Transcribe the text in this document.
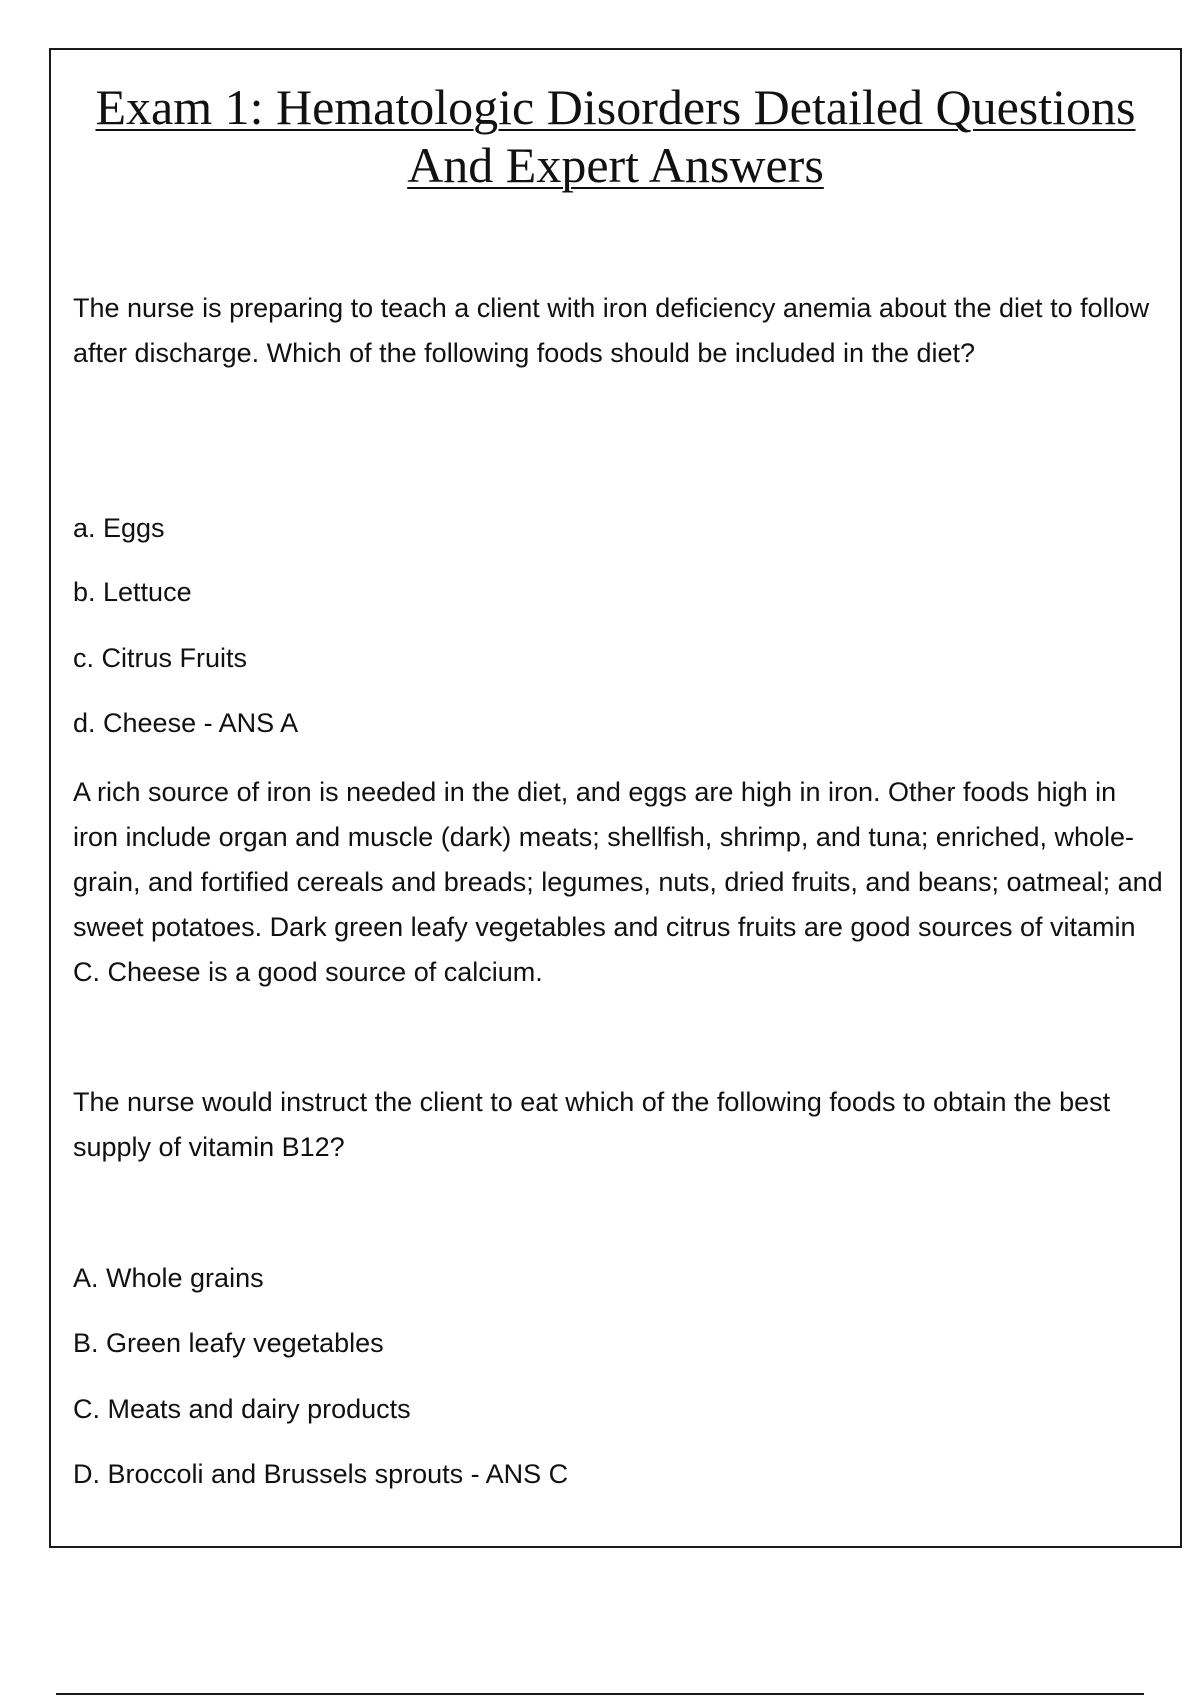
Exam 1: Hematologic Disorders Detailed Questions
And Expert Answers

The nurse is preparing to teach a client with iron deficiency anemia about the diet to follow after discharge. Which of the following foods should be included in the diet?

a. Eggs

b. Lettuce

c. Citrus Fruits

d. Cheese - ANS A

A rich source of iron is needed in the diet, and eggs are high in iron. Other foods high in iron include organ and muscle (dark) meats; shellfish, shrimp, and tuna; enriched, whole-grain, and fortified cereals and breads; legumes, nuts, dried fruits, and beans; oatmeal; and sweet potatoes. Dark green leafy vegetables and citrus fruits are good sources of vitamin C. Cheese is a good source of calcium.

The nurse would instruct the client to eat which of the following foods to obtain the best supply of vitamin B12?

A. Whole grains

B. Green leafy vegetables

C. Meats and dairy products

D. Broccoli and Brussels sprouts - ANS C
